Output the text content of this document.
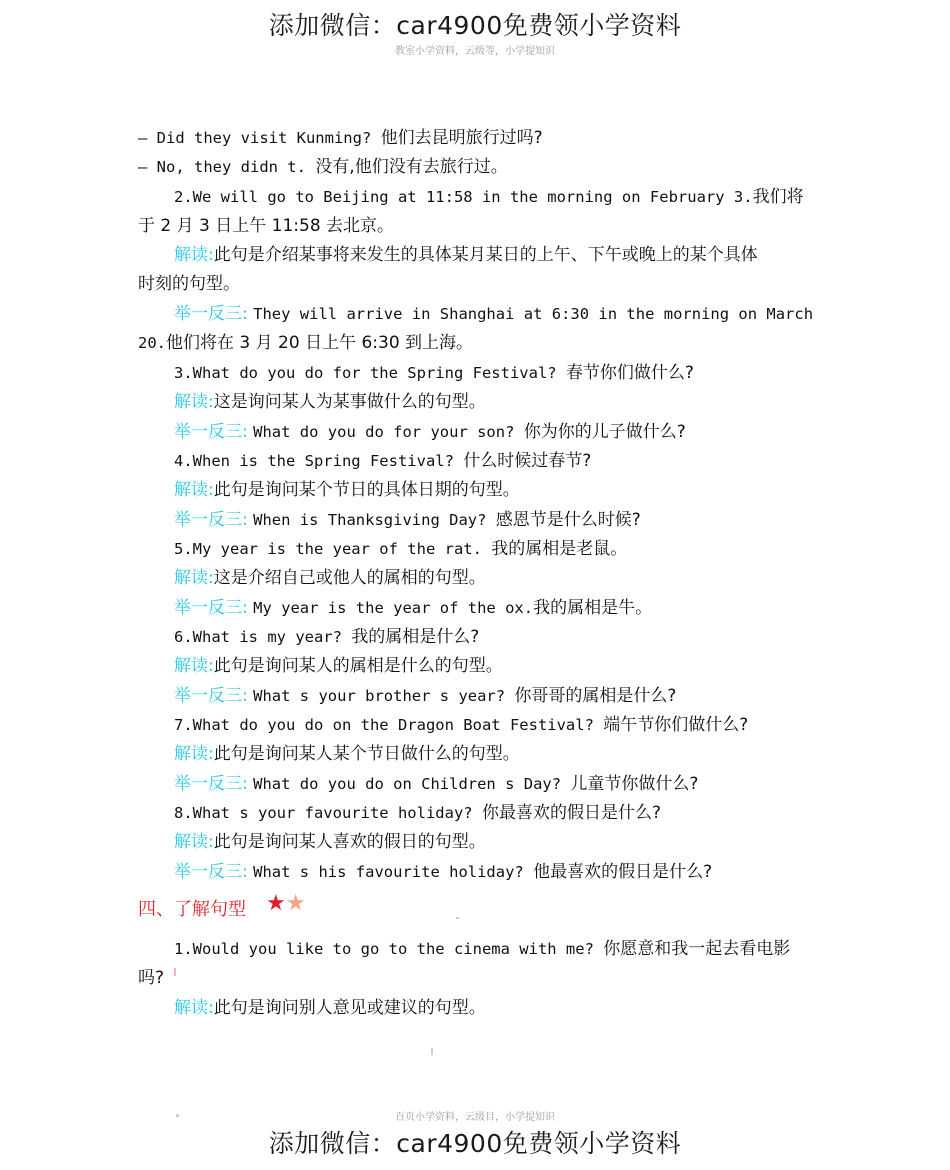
添加微信：car4900免费领小学资料
教室小学资料，云级等，小学提知识
— Did they visit Kunming? 他们去昆明旅行过吗?
— No, they didn t. 没有,他们没有去旅行过。
2.We will go to Beijing at 11:58 in the morning on February 3.我们将
于 2 月 3 日上午 11:58 去北京。
解读:此句是介绍某事将来发生的具体某月某日的上午、下午或晚上的某个具体
时刻的句型。
举一反三: They will arrive in Shanghai at 6:30 in the morning on March
20.他们将在 3 月 20 日上午 6:30 到上海。
3.What do you do for the Spring Festival? 春节你们做什么?
解读:这是询问某人为某事做什么的句型。
举一反三: What do you do for your son? 你为你的儿子做什么?
4.When is the Spring Festival? 什么时候过春节?
解读:此句是询问某个节日的具体日期的句型。
举一反三: When is Thanksgiving Day? 感恩节是什么时候?
5.My year is the year of the rat. 我的属相是老鼠。
解读:这是介绍自己或他人的属相的句型。
举一反三: My year is the year of the ox.我的属相是牛。
6.What is my year? 我的属相是什么?
解读:此句是询问某人的属相是什么的句型。
举一反三: What s your brother s year? 你哥哥的属相是什么?
7.What do you do on the Dragon Boat Festival? 端午节你们做什么?
解读:此句是询问某人某个节日做什么的句型。
举一反三: What do you do on Children s Day? 儿童节你做什么?
8.What s your favourite holiday? 你最喜欢的假日是什么?
解读:此句是询问某人喜欢的假日的句型。
举一反三: What s his favourite holiday? 他最喜欢的假日是什么?
四、了解句型 ★★
1.Would you like to go to the cinema with me? 你愿意和我一起去看电影
吗?
解读:此句是询问别人意见或建议的句型。
百页小学资料，云级目，小学提知识
添加微信：car4900免费领小学资料
